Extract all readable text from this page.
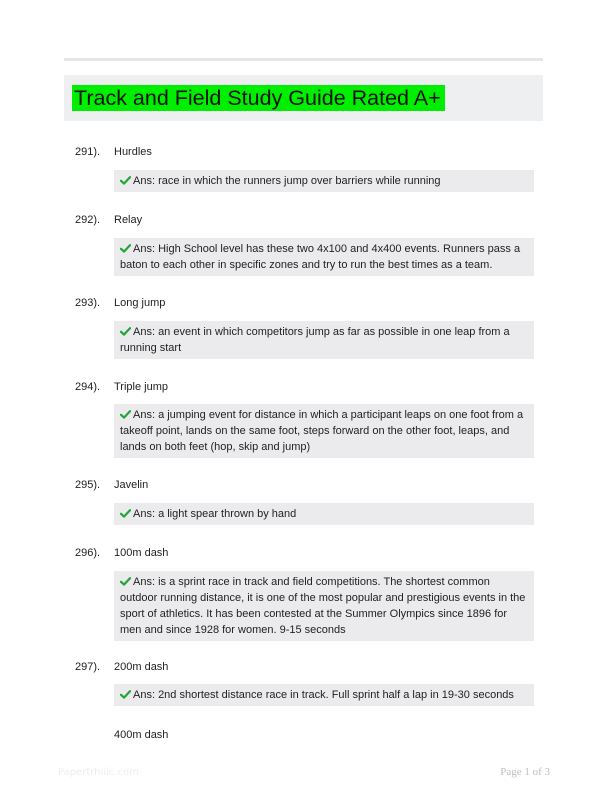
Track and Field Study Guide Rated A+
291). Hurdles
Ans: race in which the runners jump over barriers while running
292). Relay
Ans: High School level has these two 4x100 and 4x400 events. Runners pass a baton to each other in specific zones and try to run the best times as a team.
293). Long jump
Ans: an event in which competitors jump as far as possible in one leap from a running start
294). Triple jump
Ans: a jumping event for distance in which a participant leaps on one foot from a takeoff point, lands on the same foot, steps forward on the other foot, leaps, and lands on both feet (hop, skip and jump)
295). Javelin
Ans: a light spear thrown by hand
296). 100m dash
Ans: is a sprint race in track and field competitions. The shortest common outdoor running distance, it is one of the most popular and prestigious events in the sport of athletics. It has been contested at the Summer Olympics since 1896 for men and since 1928 for women. 9-15 seconds
297). 200m dash
Ans: 2nd shortest distance race in track. Full sprint half a lap in 19-30 seconds
400m dash
Papertrhiiic.com	Page 1 of 3
